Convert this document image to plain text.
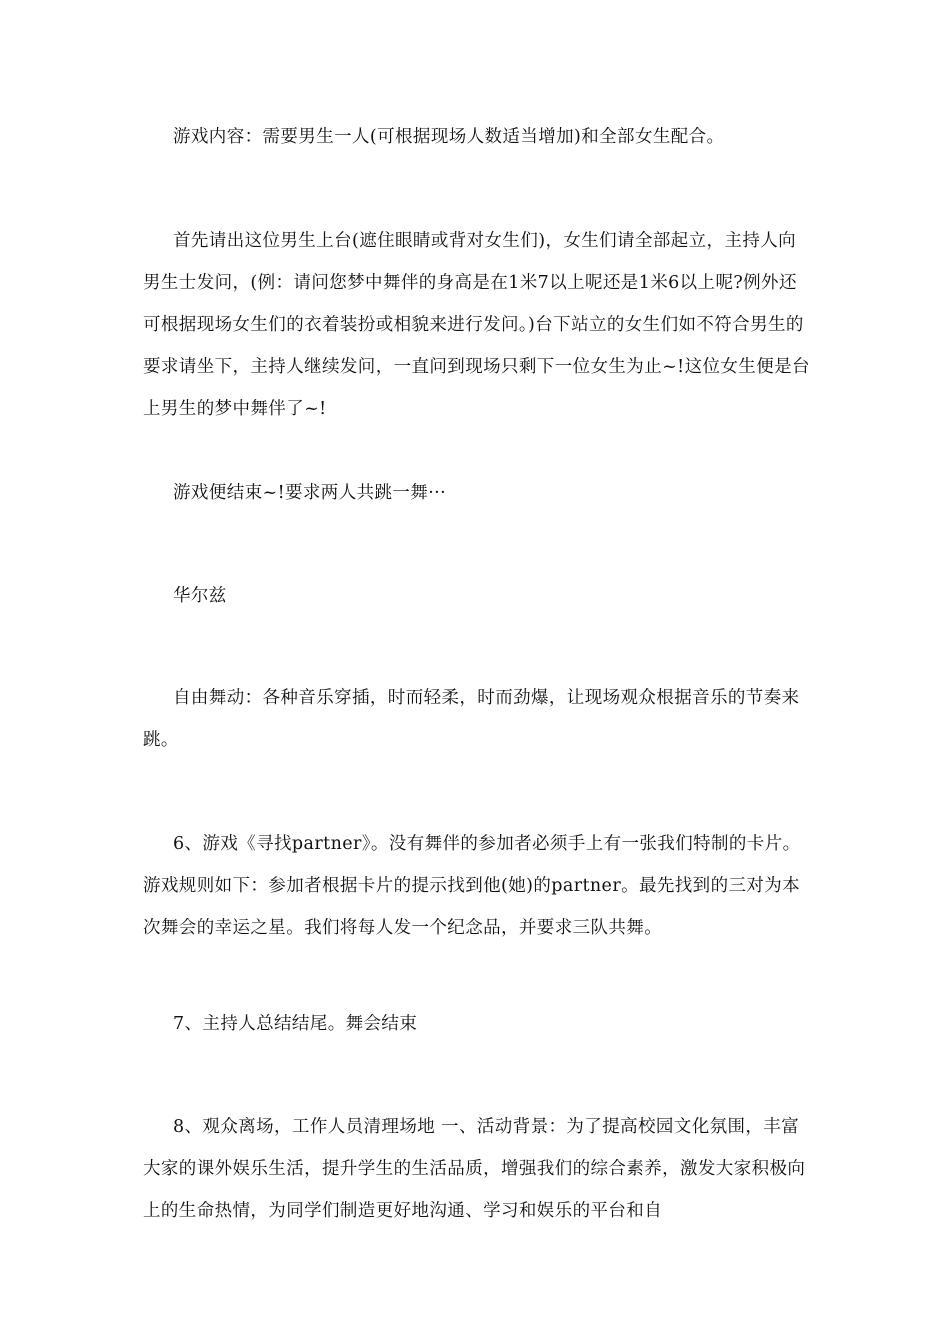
游戏内容：需要男生一人(可根据现场人数适当增加)和全部女生配合。

首先请出这位男生上台(遮住眼睛或背对女生们)，女生们请全部起立，主持人向男生士发问，(例：请问您梦中舞伴的身高是在1米7以上呢还是1米6以上呢?例外还可根据现场女生们的衣着装扮或相貌来进行发问。)台下站立的女生们如不符合男生的要求请坐下，主持人继续发问，一直问到现场只剩下一位女生为止~!这位女生便是台上男生的梦中舞伴了~!

游戏便结束~!要求两人共跳一舞···

华尔兹

自由舞动：各种音乐穿插，时而轻柔，时而劲爆，让现场观众根据音乐的节奏来跳。

6、游戏《寻找partner》。没有舞伴的参加者必须手上有一张我们特制的卡片。游戏规则如下：参加者根据卡片的提示找到他(她)的partner。最先找到的三对为本次舞会的幸运之星。我们将每人发一个纪念品，并要求三队共舞。

7、主持人总结结尾。舞会结束

8、观众离场，工作人员清理场地 一、活动背景：为了提高校园文化氛围，丰富大家的课外娱乐生活，提升学生的生活品质，增强我们的综合素养，激发大家积极向上的生命热情，为同学们制造更好地沟通、学习和娱乐的平台和自
